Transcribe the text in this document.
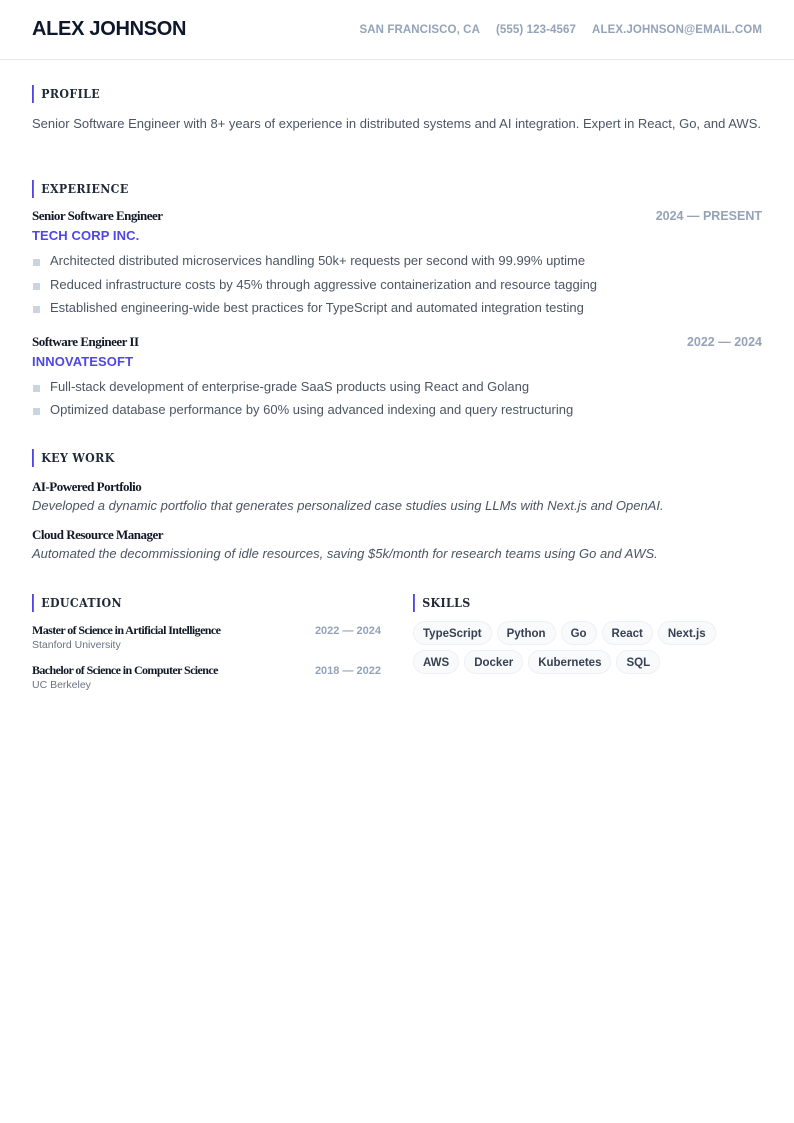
ALEX JOHNSON	SAN FRANCISCO, CA (555) 123-4567 ALEX.JOHNSON@EMAIL.COM
PROFILE
Senior Software Engineer with 8+ years of experience in distributed systems and AI integration. Expert in React, Go, and AWS.
EXPERIENCE
Senior Software Engineer	2024 — PRESENT
TECH CORP INC.
Architected distributed microservices handling 50k+ requests per second with 99.99% uptime
Reduced infrastructure costs by 45% through aggressive containerization and resource tagging
Established engineering-wide best practices for TypeScript and automated integration testing
Software Engineer II	2022 — 2024
INNOVATESOFT
Full-stack development of enterprise-grade SaaS products using React and Golang
Optimized database performance by 60% using advanced indexing and query restructuring
KEY WORK
AI-Powered Portfolio
Developed a dynamic portfolio that generates personalized case studies using LLMs with Next.js and OpenAI.
Cloud Resource Manager
Automated the decommissioning of idle resources, saving $5k/month for research teams using Go and AWS.
EDUCATION
Master of Science in Artificial Intelligence	2022 — 2024
Stanford University
Bachelor of Science in Computer Science	2018 — 2022
UC Berkeley
SKILLS
TypeScript	Python	Go	React	Next.js
AWS	Docker	Kubernetes	SQL
